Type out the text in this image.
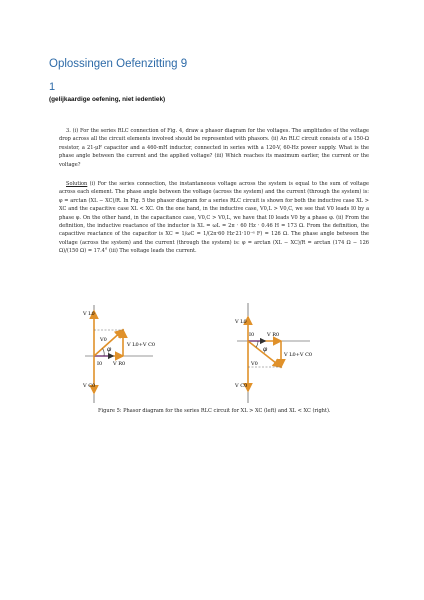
Oplossingen Oefenzitting 9
1
(gelijkaardige oefening, niet iedentiek)
3. (i) For the series RLC connection of Fig. 4, draw a phasor diagram for the voltages. The amplitudes of the voltage drop across all the circuit elements involved should be represented with phasors. (ii) An RLC circuit consists of a 150-Ω resistor, a 21-μF capacitor and a 460-mH inductor, connected in series with a 120-V, 60-Hz power supply. What is the phase angle between the current and the applied voltage? (iii) Which reaches its maximum earlier, the current or the voltage?
Solution (i) For the series connection, the instantaneous voltage across the system is equal to the sum of voltage across each element. The phase angle between the voltage (across the system) and the current (through the system) is: φ = arctan (XL − XC)/R. In Fig. 5 the phasor diagram for a series RLC circuit is shown for both the inductive case XL > XC and the capacitive case XL < XC. On the one hand, in the inductive case, V0,L > V0,C, we see that V0 leads I0 by a phase φ. On the other hand, in the capacitance case, V0,C > V0,L, we have that I0 leads V0 by a phase φ. (ii) From the definition, the inductive reactance of the inductor is XL = ωL = 2π · 60 Hz · 0.46 H = 173 Ω. From the definition, the capacitive reactance of the capacitor is XC = 1/ωC = 1/(2π·60 Hz·21·10⁻⁶ F) = 126 Ω. The phase angle between the voltage (across the system) and the current (through the system) is: φ = arctan (XL − XC)/R = arctan (174 Ω − 126 Ω)/(150 Ω) = 17.4° (iii) The voltage leads the current.
V L0
V C0
V0
φ
I0 V R0
V L0+V C0
V L0
V C0
I0	V R0
φ
V0
V L0+V C0
Figure 5: Phasor diagram for the series RLC circuit for XL > XC (left) and XL < XC (right).
